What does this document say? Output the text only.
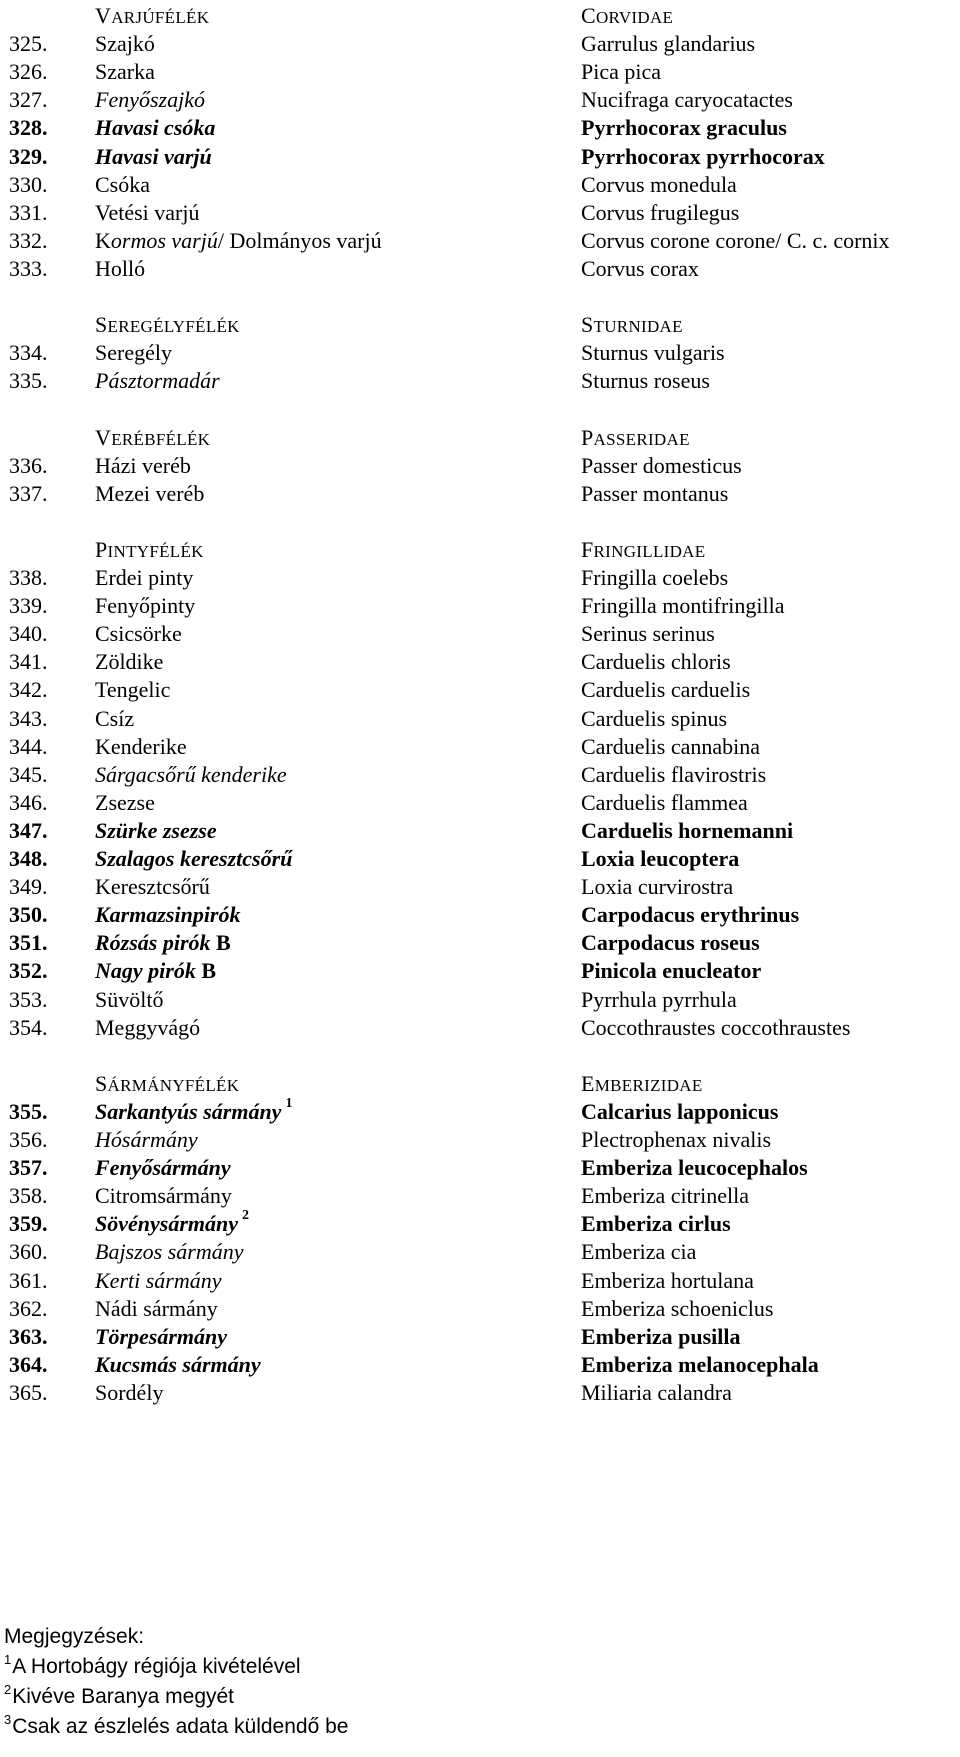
VARJÚFÉLÉK	CORVIDAE
325. Szajkó	Garrulus glandarius
326. Szarka	Pica pica
327. Fenyőszajkó	Nucifraga caryocatactes
328. Havasi csóka	Pyrrhocorax graculus
329. Havasi varjú	Pyrrhocorax pyrrhocorax
330. Csóka	Corvus monedula
331. Vetési varjú	Corvus frugilegus
332. Kormos varjú/ Dolmányos varjú	Corvus corone corone/ C. c. cornix
333. Holló	Corvus corax
SEREGÉLYFÉLÉK	STURNIDAE
334. Seregély	Sturnus vulgaris
335. Pásztormadár	Sturnus roseus
VERÉBFÉLÉK	PASSERIDAE
336. Házi veréb	Passer domesticus
337. Mezei veréb	Passer montanus
PINTYFÉLÉK	FRINGILLIDAE
338. Erdei pinty	Fringilla coelebs
339. Fenyőpinty	Fringilla montifringilla
340. Csicsörke	Serinus serinus
341. Zöldike	Carduelis chloris
342. Tengelic	Carduelis carduelis
343. Csíz	Carduelis spinus
344. Kenderike	Carduelis cannabina
345. Sárgacsőrű kenderike	Carduelis flavirostris
346. Zsezse	Carduelis flammea
347. Szürke zsezse	Carduelis hornemanni
348. Szalagos keresztcsőrű	Loxia leucoptera
349. Keresztcsőrű	Loxia curvirostra
350. Karmazsinpirók	Carpodacus erythrinus
351. Rózsás pirók B	Carpodacus roseus
352. Nagy pirók B	Pinicola enucleator
353. Süvöltő	Pyrrhula pyrrhula
354. Meggyvágó	Coccothraustes coccothraustes
SÁRMÁNYFÉLÉK	EMBERIZIDAE
355. Sarkantyús sármány $^1$	Calcarius lapponicus
356. Hósármány	Plectrophenax nivalis
357. Fenyősármány	Emberiza leucocephalos
358. Citromsármány	Emberiza citrinella
359. Sövénysármány $^2$	Emberiza cirlus
360. Bajszos sármány	Emberiza cia
361. Kerti sármány	Emberiza hortulana
362. Nádi sármány	Emberiza schoeniclus
363. Törpesármány	Emberiza pusilla
364. Kucsmás sármány	Emberiza melanocephala
365. Sordély	Miliaria calandra
Megjegyzések:
$^1$A Hortobágy régiója kivételével
$^2$Kivéve Baranya megyét
$^3$Csak az észlelés adata küldendő be
